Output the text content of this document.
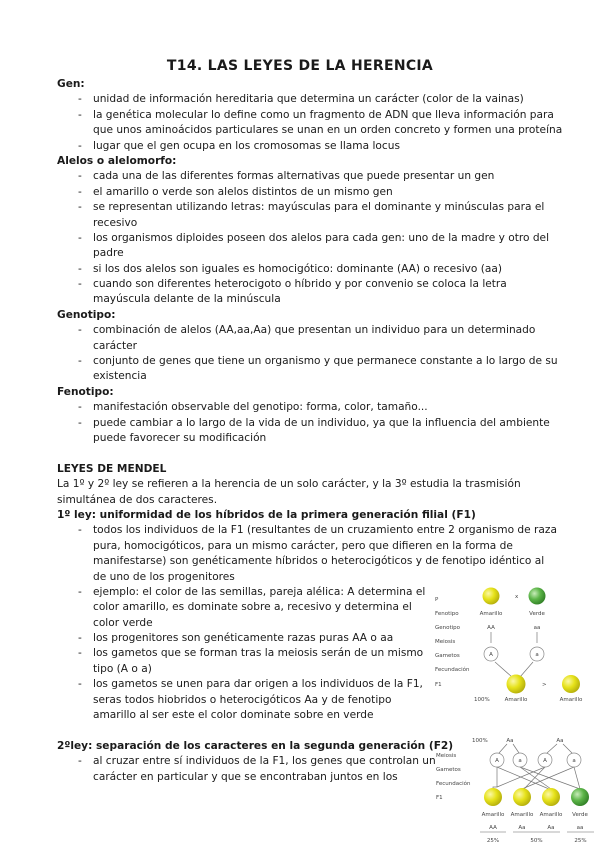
T14. LAS LEYES DE LA HERENCIA
Gen:
- unidad de información hereditaria que determina un carácter (color de la vainas)
- la genética molecular lo define como un fragmento de ADN que lleva información para
que unos aminoácidos particulares se unan en un orden concreto y formen una proteína
- lugar que el gen ocupa en los cromosomas se llama locus
Alelos o alelomorfo:
- cada una de las diferentes formas alternativas que puede presentar un gen
- el amarillo o verde son alelos distintos de un mismo gen
- se representan utilizando letras: mayúsculas para el dominante y minúsculas para el
recesivo
- los organismos diploides poseen dos alelos para cada gen: uno de la madre y otro del
padre
- si los dos alelos son iguales es homocigótico: dominante (AA) o recesivo (aa)
- cuando son diferentes heterocigoto o híbrido y por convenio se coloca la letra
mayúscula delante de la minúscula
Genotipo:
- combinación de alelos (AA,aa,Aa) que presentan un individuo para un determinado
carácter
- conjunto de genes que tiene un organismo y que permanece constante a lo largo de su
existencia
Fenotipo:
- manifestación observable del genotipo: forma, color, tamaño...
- puede cambiar a lo largo de la vida de un individuo, ya que la influencia del ambiente
puede favorecer su modificación
LEYES DE MENDEL
La 1º y 2º ley se refieren a la herencia de un solo carácter, y la 3º estudia la trasmisión
simultánea de dos caracteres.
1º ley: uniformidad de los híbridos de la primera generación filial (F1)
- todos los individuos de la F1 (resultantes de un cruzamiento entre 2 organismo de raza
pura, homocigóticos, para un mismo carácter, pero que difieren en la forma de
manifestarse) son genéticamente híbridos o heterocigóticos y de fenotipo idéntico al
de uno de los progenitores
- ejemplo: el color de las semillas, pareja alélica: A determina el
color amarillo, es dominate sobre a, recesivo y determina el
color verde
- los progenitores son genéticamente razas puras AA o aa
- los gametos que se forman tras la meiosis serán de un mismo
tipo (A o a)
- los gametos se unen para dar origen a los individuos de la F1,
seras todos hiobridos o heterocigóticos Aa y de fenotipo
amarillo al ser este el color dominate sobre en verde
2ºley: separación de los caracteres en la segunda generación (F2)
- al cruzar entre sí individuos de la F1, los genes que controlan un
carácter en particular y que se encontraban juntos en los
P
Fenotipo
Genotipo
Meiosis
Gametos
Fecundación
F1
x
Amarillo	Verde
AA	aa
A	a
100%	Amarillo
>
Amarillo
Meiosis
Gametos
Fecundación
F1
100%	Aa	Aa
A	a	A	a
Amarillo
AA
Amarillo
Aa
Amarillo
Aa
Verde
aa
25%	50%	25%
